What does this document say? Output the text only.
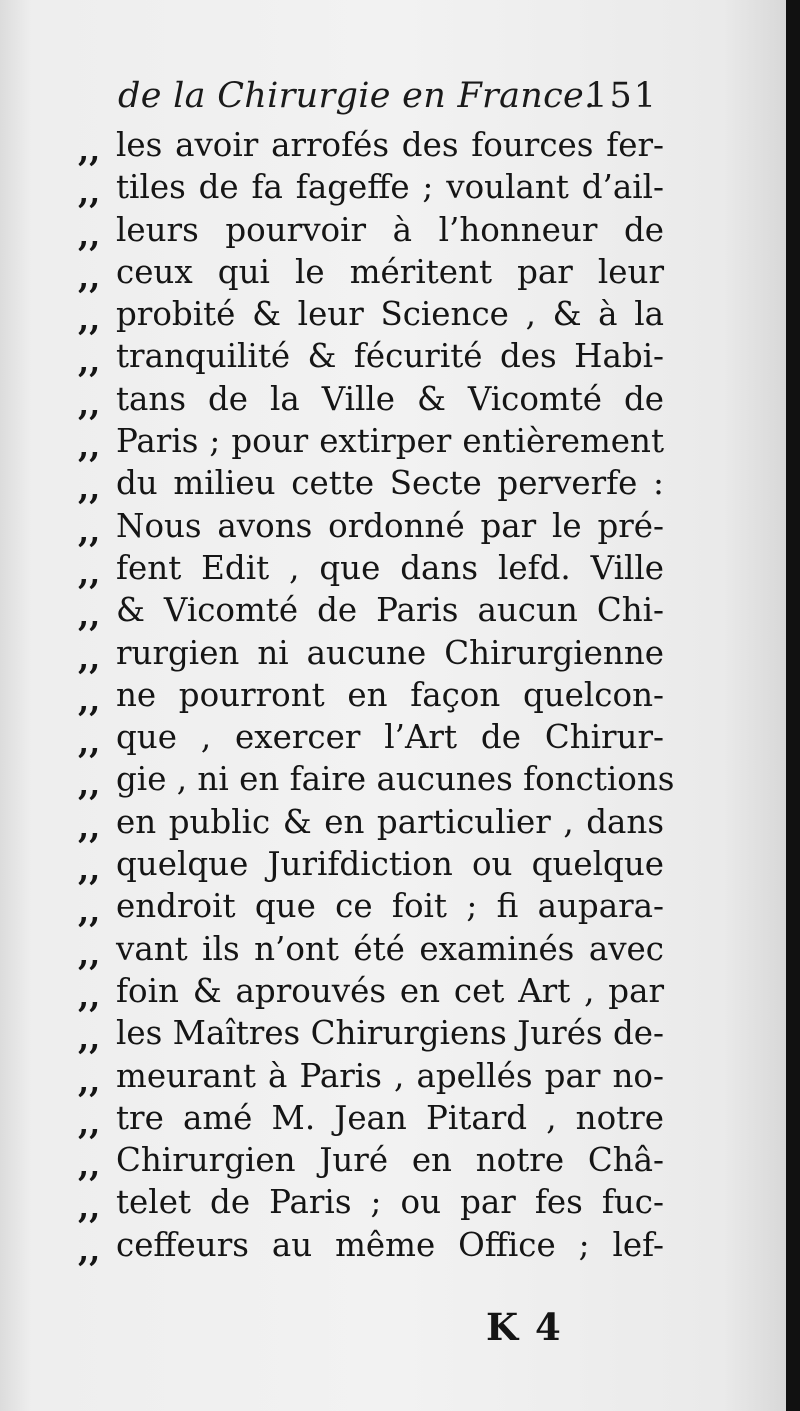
de la Chirurgie en France.
151
,, les avoir arrofés des fources fer-
,, tiles de fa fageffe ; voulant d’ail-
,, leurs pourvoir à l’honneur de
,, ceux qui le méritent par leur
,, probité & leur Science , & à la
,, tranquilité & fécurité des Habi-
,, tans de la Ville & Vicomté de
,, Paris ; pour extirper entièrement
,, du milieu cette Secte perverfe :
,, Nous avons ordonné par le pré-
,, fent Edit , que dans lefd. Ville
,, & Vicomté de Paris aucun Chi-
,, rurgien ni aucune Chirurgienne
,, ne pourront en façon quelcon-
,, que , exercer l’Art de Chirur-
,, gie , ni en faire aucunes fonctions
,, en public & en particulier , dans
,, quelque Jurifdiction ou quelque
,, endroit que ce foit ; fi aupara-
,, vant ils n’ont été examinés avec
,, foin & aprouvés en cet Art , par
,, les Maîtres Chirurgiens Jurés de-
,, meurant à Paris , apellés par no-
,, tre amé M. Jean Pitard , notre
,, Chirurgien Juré en notre Châ-
,, telet de Paris ; ou par fes fuc-
,, ceffeurs au même Office ; lef-
K 4
